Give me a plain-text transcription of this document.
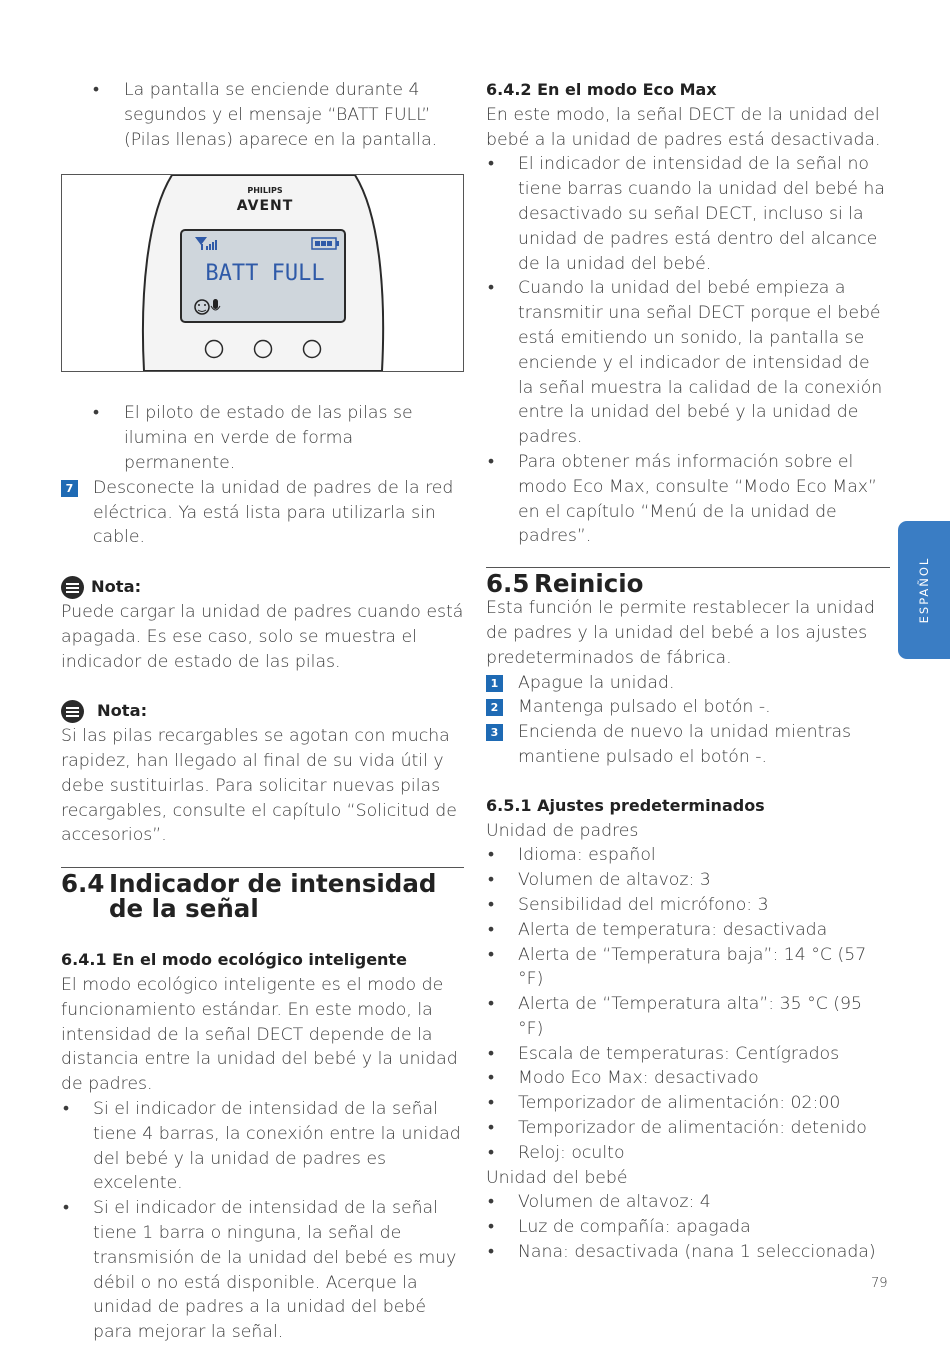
• La pantalla se enciende durante 4 segundos y el mensaje “BATT FULL” (Pilas llenas) aparece en la pantalla.

PHILIPS
AVENT
BATT FULL

• El piloto de estado de las pilas se ilumina en verde de forma permanente.

7 Desconecte la unidad de padres de la red eléctrica. Ya está lista para utilizarla sin cable.

Nota:

Puede cargar la unidad de padres cuando está apagada. Es ese caso, solo se muestra el indicador de estado de las pilas.

Nota:

Si las pilas recargables se agotan con mucha rapidez, han llegado al final de su vida útil y debe sustituirlas. Para solicitar nuevas pilas recargables, consulte el capítulo “Solicitud de accesorios”.

6.4 Indicador de intensidad de la señal
6.4.1 En el modo ecológico inteligente

El modo ecológico inteligente es el modo de funcionamiento estándar. En este modo, la intensidad de la señal DECT depende de la distancia entre la unidad del bebé y la unidad de padres.

• Si el indicador de intensidad de la señal tiene 4 barras, la conexión entre la unidad del bebé y la unidad de padres es excelente.

• Si el indicador de intensidad de la señal tiene 1 barra o ninguna, la señal de transmisión de la unidad del bebé es muy débil o no está disponible. Acerque la unidad de padres a la unidad del bebé para mejorar la señal.

6.4.2 En el modo Eco Max

En este modo, la señal DECT de la unidad del bebé a la unidad de padres está desactivada.

• El indicador de intensidad de la señal no tiene barras cuando la unidad del bebé ha desactivado su señal DECT, incluso si la unidad de padres está dentro del alcance de la unidad del bebé.

• Cuando la unidad del bebé empieza a transmitir una señal DECT porque el bebé está emitiendo un sonido, la pantalla se enciende y el indicador de intensidad de la señal muestra la calidad de la conexión entre la unidad del bebé y la unidad de padres.

• Para obtener más información sobre el modo Eco Max, consulte “Modo Eco Max” en el capítulo “Menú de la unidad de padres”.

6.5 Reinicio

Esta función le permite restablecer la unidad de padres y la unidad del bebé a los ajustes predeterminados de fábrica.

1 Apague la unidad.

2 Mantenga pulsado el botón -.

3 Encienda de nuevo la unidad mientras mantiene pulsado el botón -.

6.5.1 Ajustes predeterminados

Unidad de padres

• Idioma: español

• Volumen de altavoz: 3

• Sensibilidad del micrófono: 3

• Alerta de temperatura: desactivada

• Alerta de “Temperatura baja”: 14 °C (57 °F)

• Alerta de “Temperatura alta”: 35 °C (95 °F)

• Escala de temperaturas: Centígrados

• Modo Eco Max: desactivado

• Temporizador de alimentación: 02:00

• Temporizador de alimentación: detenido

• Reloj: oculto

Unidad del bebé

• Volumen de altavoz: 4

• Luz de compañía: apagada

• Nana: desactivada (nana 1 seleccionada)

ESPAÑOL
79
